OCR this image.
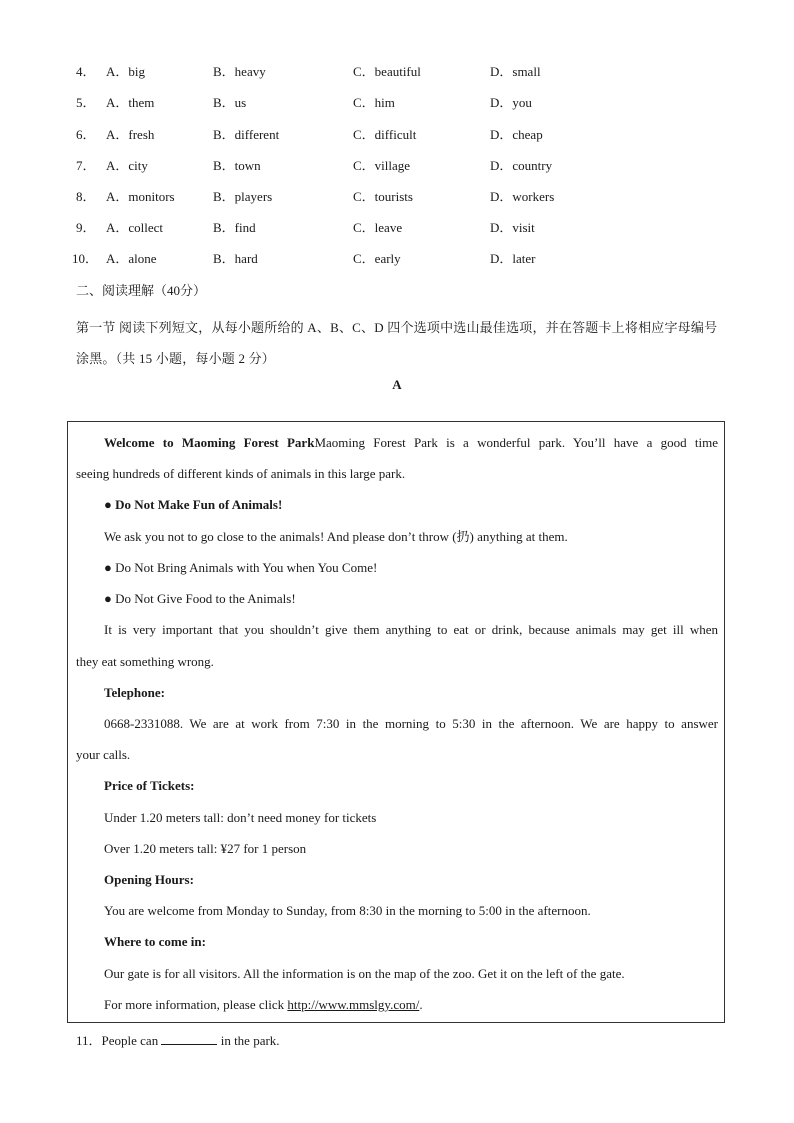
4． A．big	B．heavy	C．beautiful	D．small
5． A．them	B．us	C．him	D．you
6． A．fresh	B．different	C．difficult	D．cheap
7． A．city	B．town	C．village	D．country
8． A．monitors	B．players	C．tourists	D．workers
9． A．collect	B．find	C．leave	D．visit
10． A．alone	B．hard	C．early	D．later
二、阅读理解（40分）
第一节 阅读下列短文，从每小题所给的 A、B、C、D 四个选项中选山最佳选项，并在答题卡上将相应字母编号涂黑。（共 15 小题，每小题 2 分）
A
Welcome to Maoming Forest ParkMaoming Forest Park is a wonderful park. You’ll have a good time
seeing hundreds of different kinds of animals in this large park.
● Do Not Make Fun of Animals!
We ask you not to go close to the animals! And please don’t throw (扔) anything at them.
● Do Not Bring Animals with You when You Come!
● Do Not Give Food to the Animals!
It is very important that you shouldn’t give them anything to eat or drink, because animals may get ill when
they eat something wrong.
Telephone:
0668-2331088. We are at work from 7:30 in the morning to 5:30 in the afternoon. We are happy to answer
your calls.
Price of Tickets:
Under 1.20 meters tall: don’t need money for tickets
Over 1.20 meters tall: ¥27 for 1 person
Opening Hours:
You are welcome from Monday to Sunday, from 8:30 in the morning to 5:00 in the afternoon.
Where to come in:
Our gate is for all visitors. All the information is on the map of the zoo. Get it on the left of the gate.
For more information, please click http://www.mmslgy.com/.
11．People can	in the park.
